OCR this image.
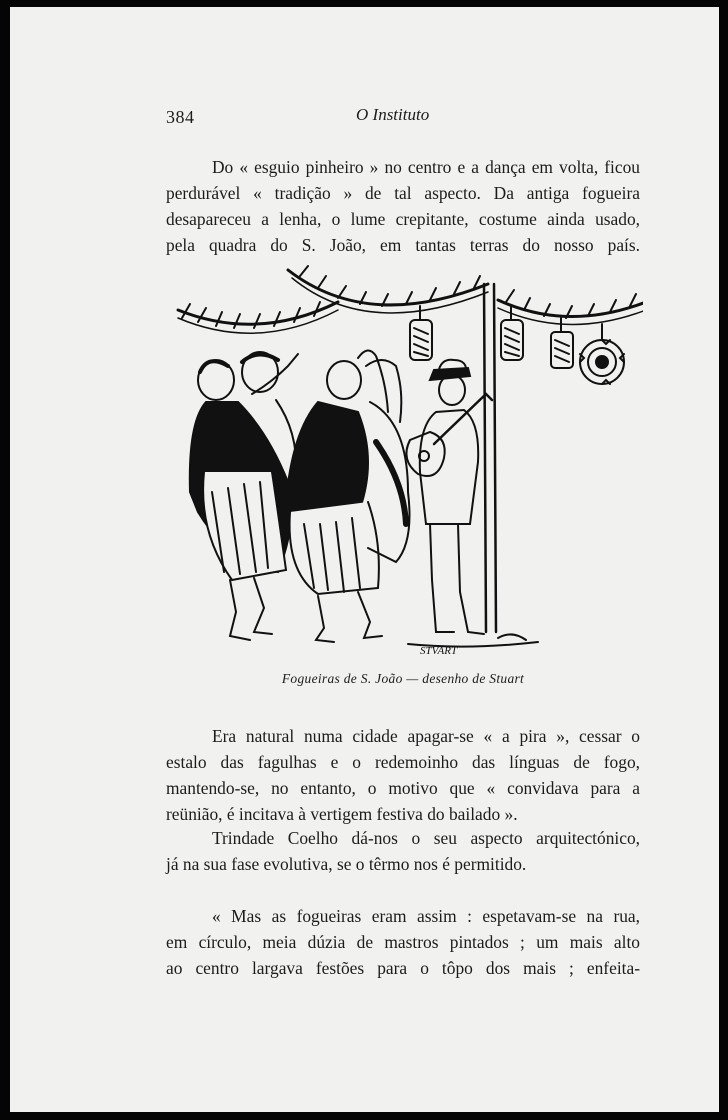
384	O Instituto
Do « esguio pinheiro » no centro e a dança em volta, ficou
perdurável « tradição » de tal aspecto. Da antiga fogueira
desapareceu a lenha, o lume crepitante, costume ainda usado,
pela quadra do S. João, em tantas terras do nosso país.
STVART
Fogueiras de S. João — desenho de Stuart
Era natural numa cidade apagar-se « a pira », cessar o
estalo das fagulhas e o redemoinho das línguas de fogo,
mantendo-se, no entanto, o motivo que « convidava para a
reünião, é incitava à vertigem festiva do bailado ».
Trindade Coelho dá-nos o seu aspecto arquitectónico,
já na sua fase evolutiva, se o têrmo nos é permitido.
« Mas as fogueiras eram assim : espetavam-se na rua,
em círculo, meia dúzia de mastros pintados ; um mais alto
ao centro largava festões para o tôpo dos mais ; enfeita-
